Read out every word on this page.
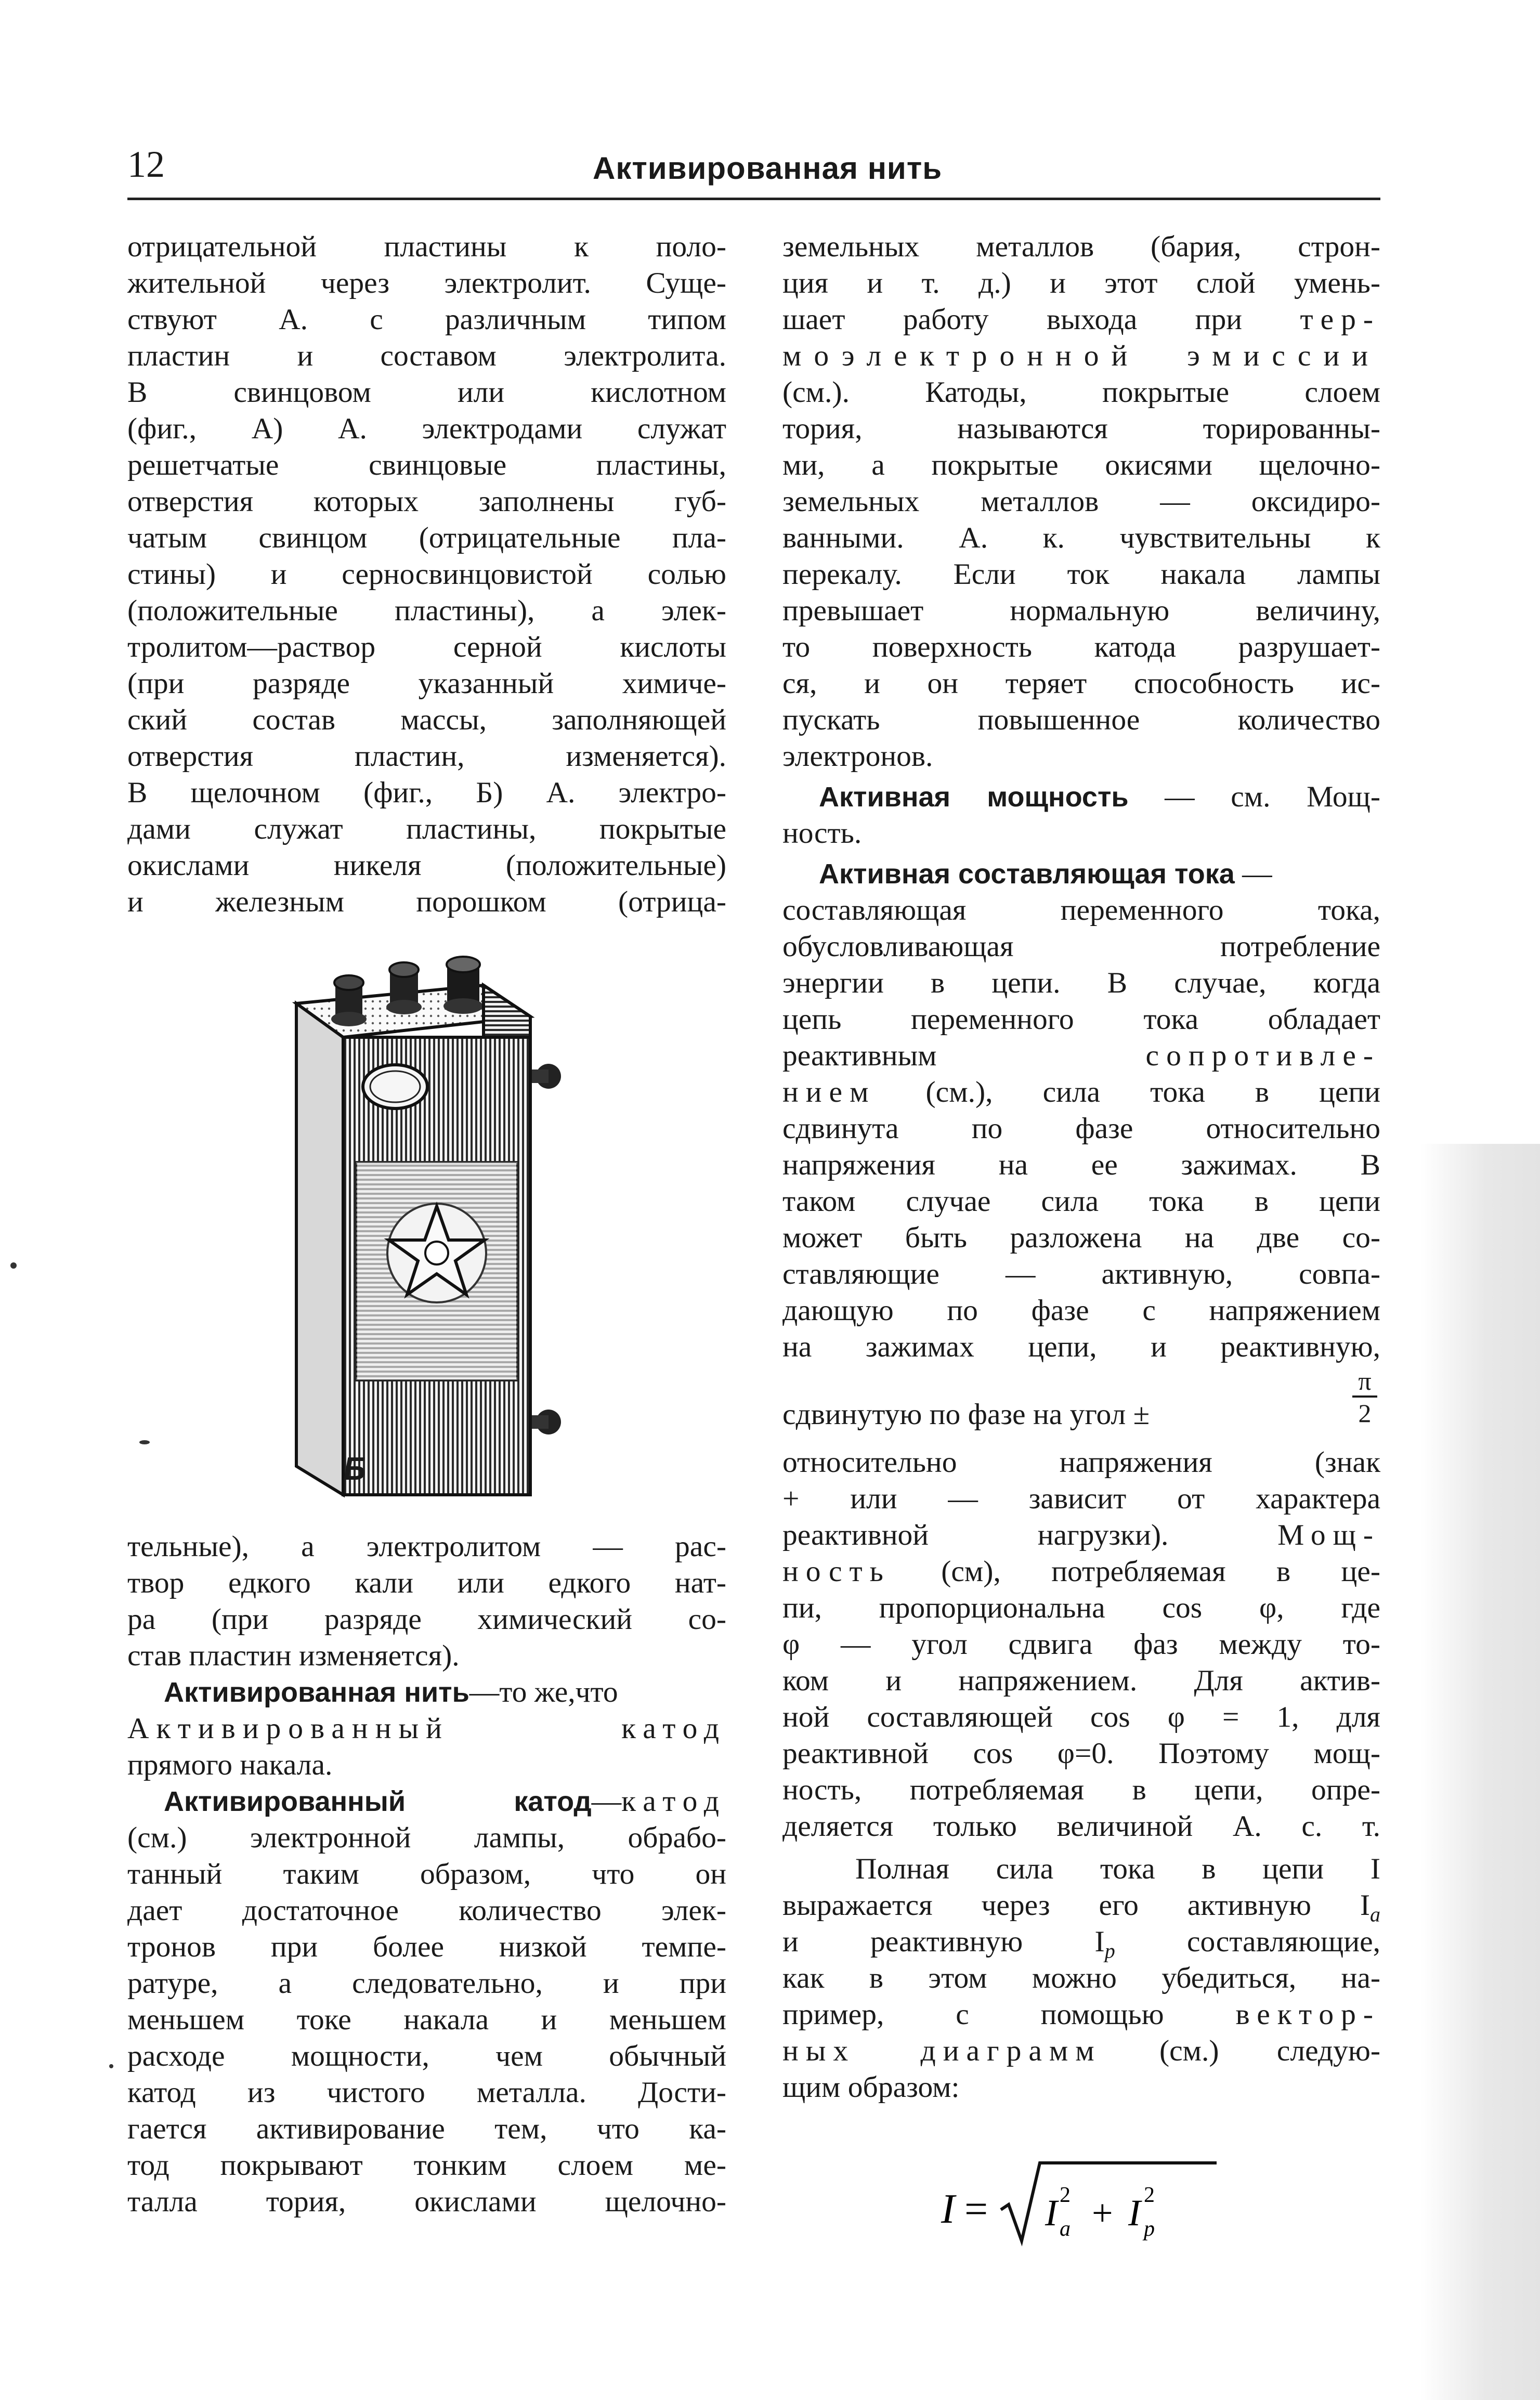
12	Активированная нить
отрицательной пластины к поло-
жительной через электролит. Суще-
ствуют А. с различным типом
пластин и составом электролита.
В свинцовом или кислотном
(фиг., А) А. электродами служат
решетчатые свинцовые пластины,
отверстия которых заполнены губ-
чатым свинцом (отрицательные пла-
стины) и серносвинцовистой солью
(положительные пластины), а элек-
тролитом—раствор серной кислоты
(при разряде указанный химиче-
ский состав массы, заполняющей
отверстия пластин, изменяется).
В щелочном (фиг., Б) А. электро-
дами служат пластины, покрытые
окислами никеля (положительные)
и железным порошком (отрица-
Б
тельные), а электролитом — рас-
твор едкого кали или едкого нат-
ра (при разряде химический со-
став пластин изменяется).
Активированная нить—то же,что
Активированный катод
прямого накала.
Активированный катод—катод
(см.) электронной лампы, обрабо-
танный таким образом, что он
дает достаточное количество элек-
тронов при более низкой темпе-
ратуре, а следовательно, и при
меньшем токе накала и меньшем
расходе мощности, чем обычный
катод из чистого металла. Дости-
гается активирование тем, что ка-
тод покрывают тонким слоем ме-
талла тория, окислами щелочно-
земельных металлов (бария, строн-
ция и т. д.) и этот слой умень-
шает работу выхода при тер-
моэлектронной эмиссии
(см.). Катоды, покрытые слоем
тория, называются торированны-
ми, а покрытые окисями щелочно-
земельных металлов — оксидиро-
ванными. А. к. чувствительны к
перекалу. Если ток накала лампы
превышает нормальную величину,
то поверхность катода разрушает-
ся, и он теряет способность ис-
пускать повышенное количество
электронов.
Активная мощность — см. Мощ-
ность.
Активная составляющая тока —
составляющая переменного тока,
обусловливающая потребление
энергии в цепи. В случае, когда
цепь переменного тока обладает
реактивным сопротивле-
нием (см.), сила тока в цепи
сдвинута по фазе относительно
напряжения на ее зажимах. В
таком случае сила тока в цепи
может быть разложена на две со-
ставляющие — активную, совпа-
дающую по фазе с напряжением
на зажимах цепи, и реактивную,
сдвинутую по фазе на угол ±
π
2
относительно напряжения (знак
+ или — зависит от характера
реактивной нагрузки). Мощ-
ность (см), потребляемая в це-
пи, пропорциональна cos φ, где
φ — угол сдвига фаз между то-
ком и напряжением. Для актив-
ной составляющей cos φ = 1, для
реактивной cos φ=0. Поэтому мощ-
ность, потребляемая в цепи, опре-
деляется только величиной А. с. т.
Полная сила тока в цепи I
выражается через его активную $I_a$
и реактивную $I_р$ составляющие,
как в этом можно убедиться, на-
пример, с помощью вектор-
ных диаграмм (см.) следую-
щим образом:
I = I 2
a + I 2
p
